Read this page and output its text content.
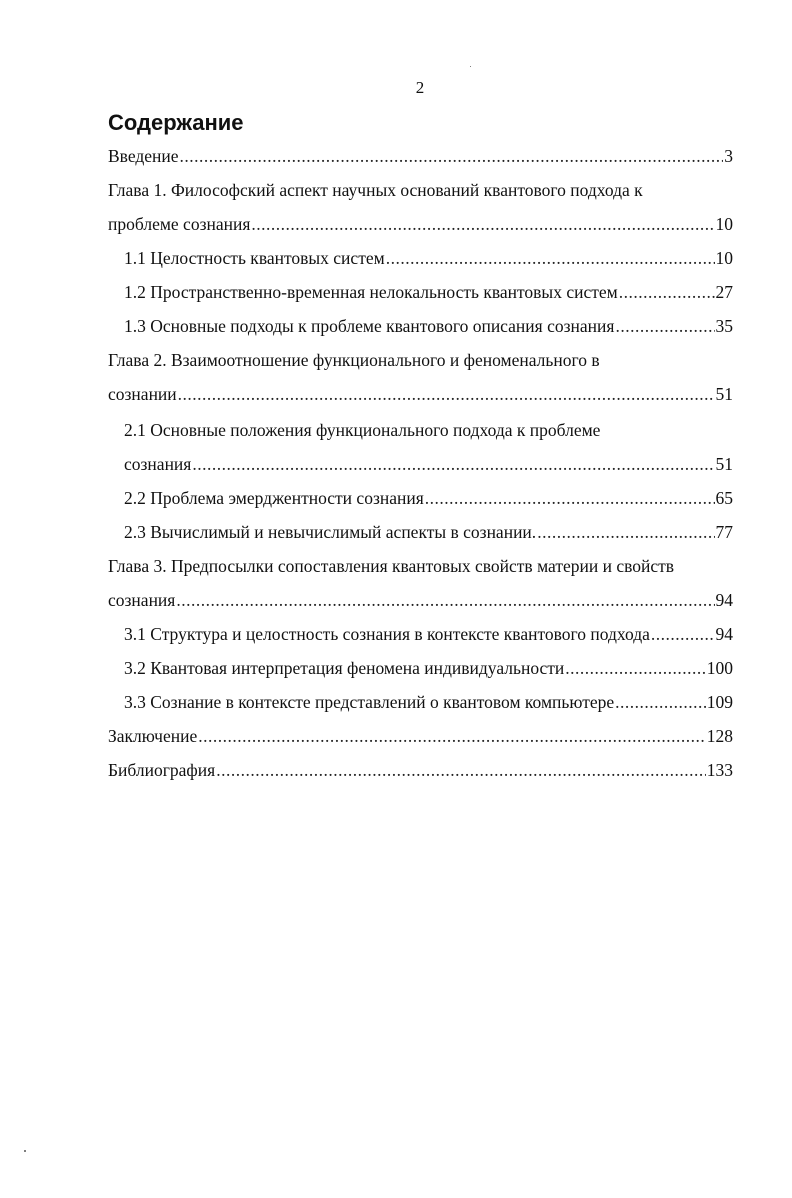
2
Содержание
Введение .....	3
Глава 1. Философский аспект научных оснований квантового подхода к
проблеме сознания .....	10
1.1 Целостность квантовых систем .....	10
1.2 Пространственно-временная нелокальность квантовых систем .....	27
1.3 Основные подходы к проблеме квантового описания сознания .....	35
Глава 2. Взаимоотношение функционального и феноменального в
сознании .....	51
2.1 Основные положения функционального подхода к проблеме
сознания .....	51
2.2 Проблема эмерджентности сознания .....	65
2.3 Вычислимый и невычислимый аспекты в сознании. .....	77
Глава 3. Предпосылки сопоставления квантовых свойств материи и свойств
сознания .....	94
3.1 Структура и целостность сознания в контексте квантового подхода .....	94
3.2 Квантовая интерпретация феномена индивидуальности .....	100
3.3 Сознание в контексте представлений о квантовом компьютере .....	109
Заключение .....	128
Библиография .....	133
